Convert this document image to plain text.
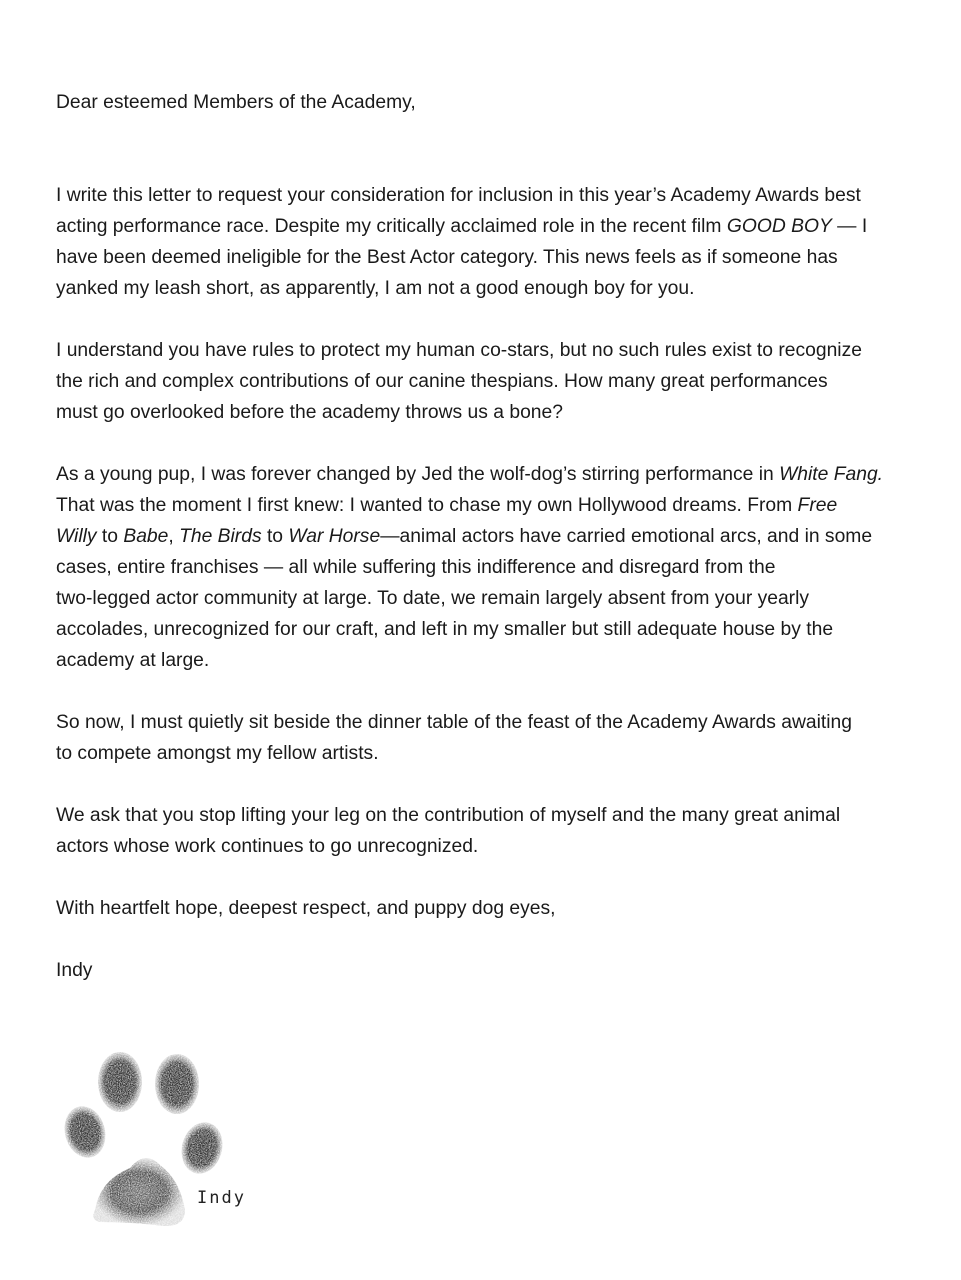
Dear esteemed Members of the Academy,
I write this letter to request your consideration for inclusion in this year’s Academy Awards best
acting performance race. Despite my critically acclaimed role in the recent film GOOD BOY — I
have been deemed ineligible for the Best Actor category. This news feels as if someone has
yanked my leash short, as apparently, I am not a good enough boy for you.
I understand you have rules to protect my human co-stars, but no such rules exist to recognize
the rich and complex contributions of our canine thespians. How many great performances
must go overlooked before the academy throws us a bone?
As a young pup, I was forever changed by Jed the wolf-dog’s stirring performance in White Fang.
That was the moment I first knew: I wanted to chase my own Hollywood dreams. From Free
Willy to Babe, The Birds to War Horse—animal actors have carried emotional arcs, and in some
cases, entire franchises — all while suffering this indifference and disregard from the
two-legged actor community at large. To date, we remain largely absent from your yearly
accolades, unrecognized for our craft, and left in my smaller but still adequate house by the
academy at large.
So now, I must quietly sit beside the dinner table of the feast of the Academy Awards awaiting
to compete amongst my fellow artists.
We ask that you stop lifting your leg on the contribution of myself and the many great animal
actors whose work continues to go unrecognized.
With heartfelt hope, deepest respect, and puppy dog eyes,
Indy
Indy
